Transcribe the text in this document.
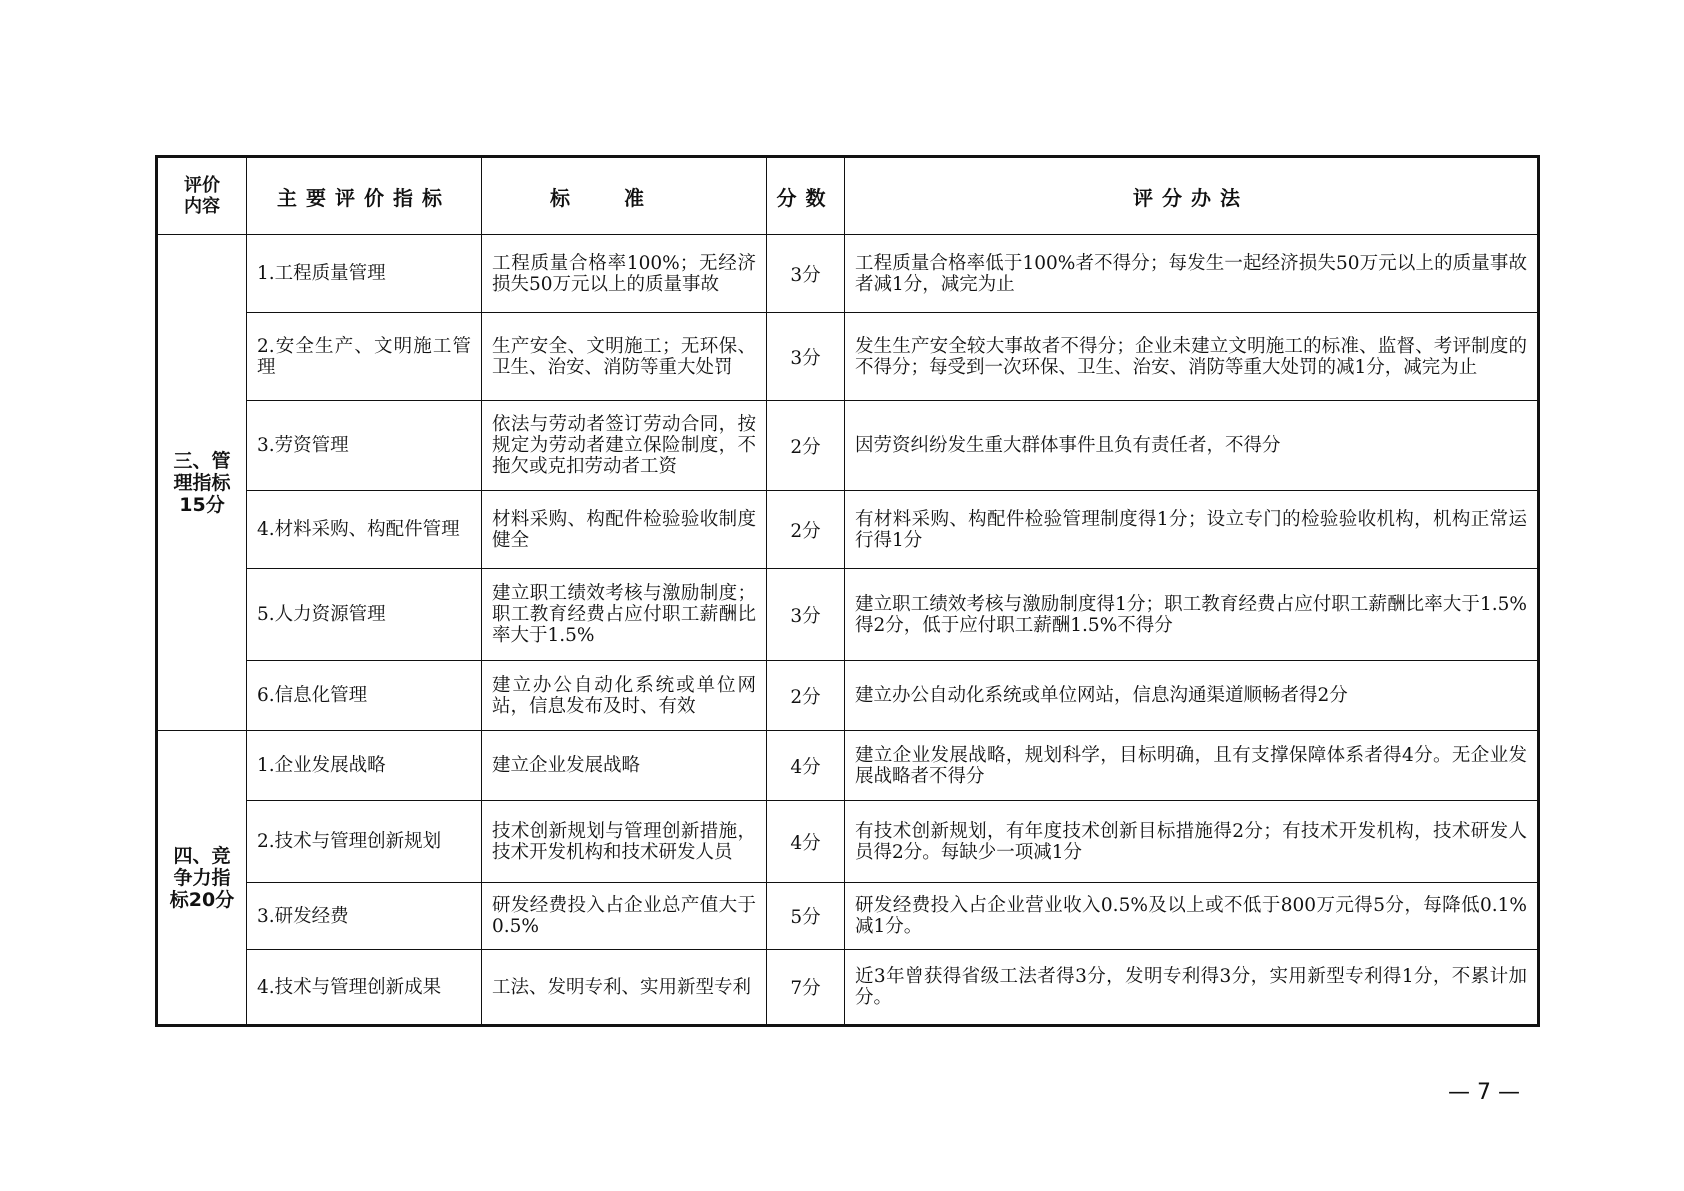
评价
内容	主要评价指标	标准	分数	评分办法
三、管
理指标
15分	1.工程质量管理	工程质量合格率100%；无经济损失50万元以上的质量事故	3分	工程质量合格率低于100%者不得分；每发生一起经济损失50万元以上的质量事故者减1分，减完为止
	2.安全生产、文明施工管理	生产安全、文明施工；无环保、卫生、治安、消防等重大处罚	3分	发生生产安全较大事故者不得分；企业未建立文明施工的标准、监督、考评制度的不得分；每受到一次环保、卫生、治安、消防等重大处罚的减1分，减完为止
	3.劳资管理	依法与劳动者签订劳动合同，按规定为劳动者建立保险制度，不拖欠或克扣劳动者工资	2分	因劳资纠纷发生重大群体事件且负有责任者，不得分
	4.材料采购、构配件管理	材料采购、构配件检验验收制度健全	2分	有材料采购、构配件检验管理制度得1分；设立专门的检验验收机构，机构正常运行得1分
	5.人力资源管理	建立职工绩效考核与激励制度；职工教育经费占应付职工薪酬比率大于1.5%	3分	建立职工绩效考核与激励制度得1分；职工教育经费占应付职工薪酬比率大于1.5%得2分，低于应付职工薪酬1.5%不得分
	6.信息化管理	建立办公自动化系统或单位网站，信息发布及时、有效	2分	建立办公自动化系统或单位网站，信息沟通渠道顺畅者得2分
四、竞
争力指
标20分	1.企业发展战略	建立企业发展战略	4分	建立企业发展战略，规划科学，目标明确，且有支撑保障体系者得4分。无企业发展战略者不得分
	2.技术与管理创新规划	技术创新规划与管理创新措施，技术开发机构和技术研发人员	4分	有技术创新规划，有年度技术创新目标措施得2分；有技术开发机构，技术研发人员得2分。每缺少一项减1分
	3.研发经费	研发经费投入占企业总产值大于0.5%	5分	研发经费投入占企业营业收入0.5%及以上或不低于800万元得5分，每降低0.1%减1分。
	4.技术与管理创新成果	工法、发明专利、实用新型专利	7分	近3年曾获得省级工法者得3分，发明专利得3分，实用新型专利得1分，不累计加分。
— 7 —
